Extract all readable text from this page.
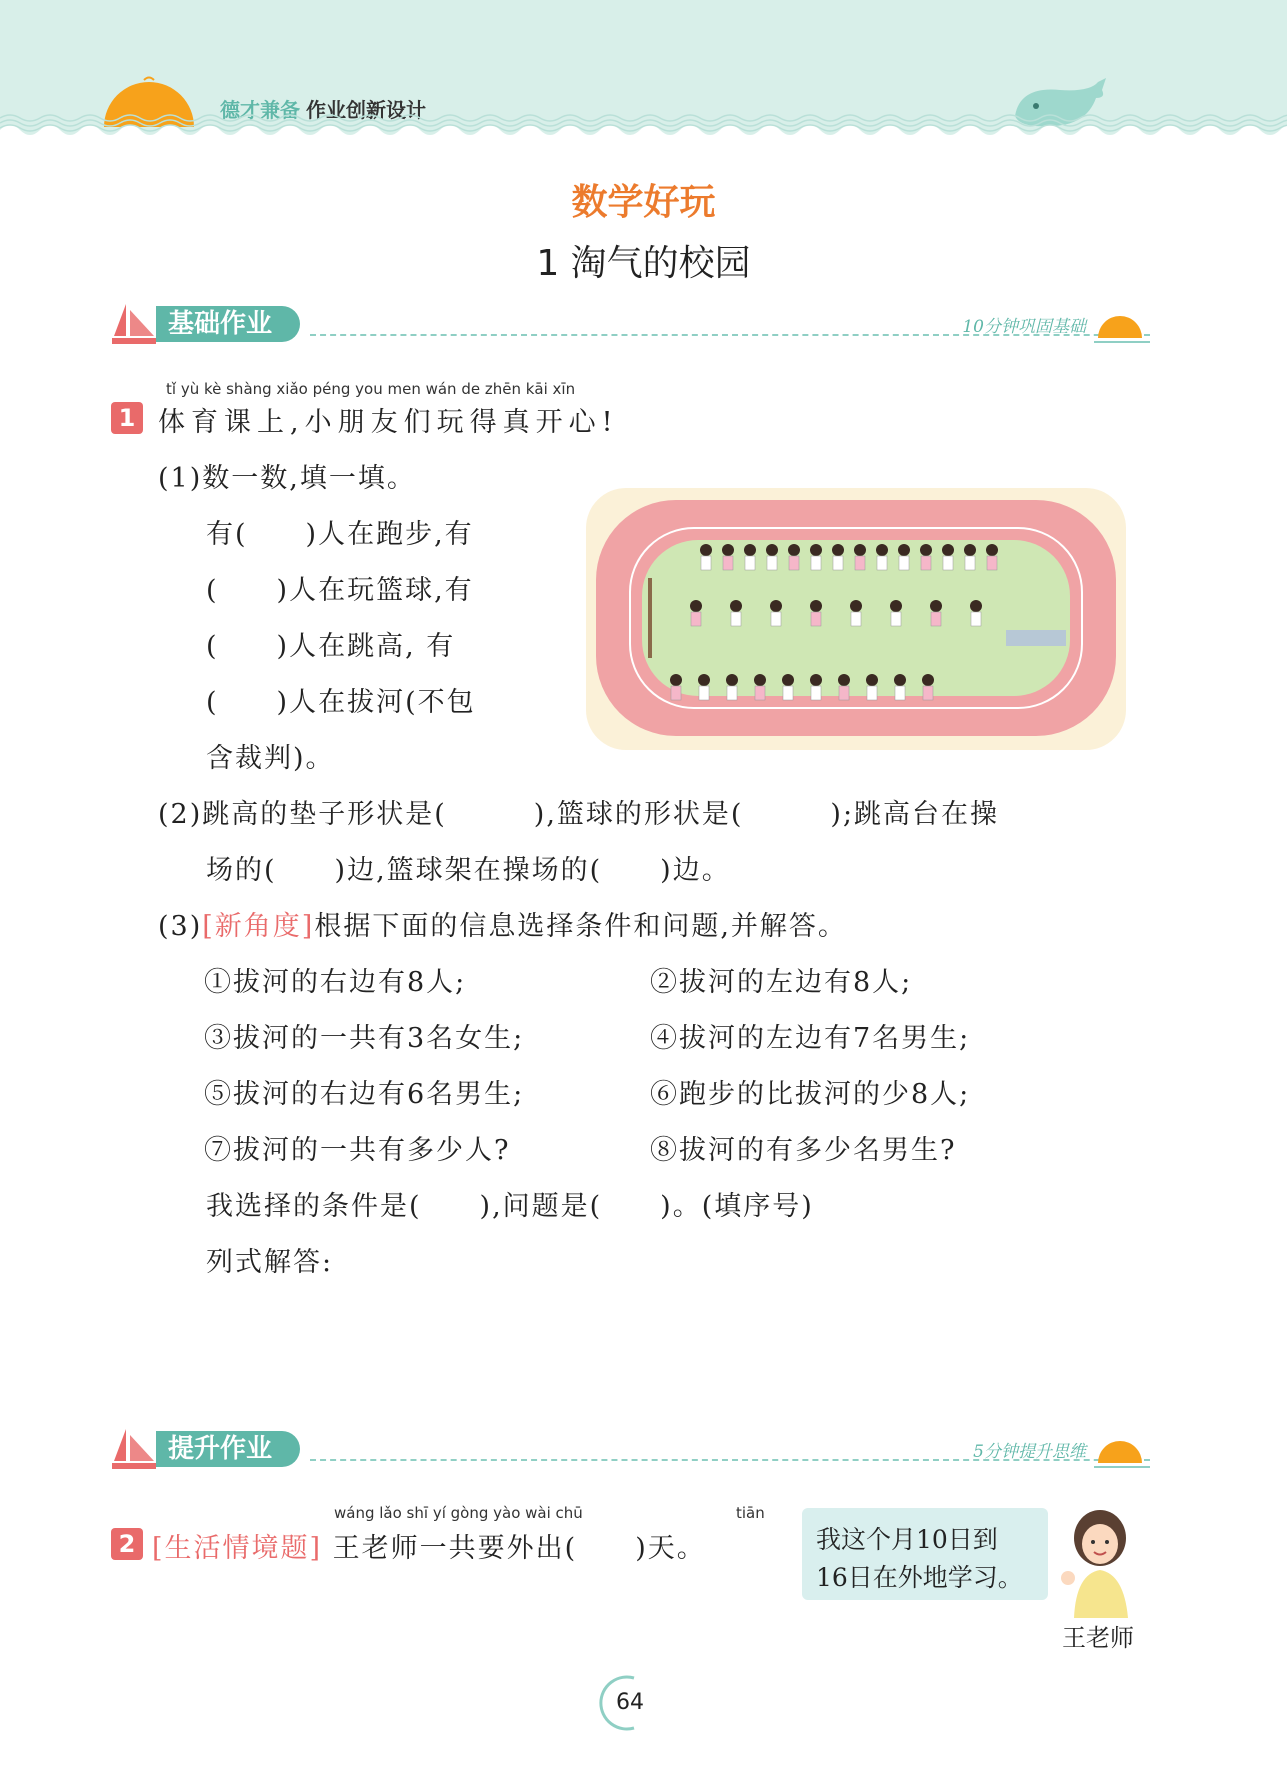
德才兼备 作业创新设计
数学好玩
1 淘气的校园
基础作业	10分钟巩固基础
tǐ yù kè shàng xiǎo péng you men wán de zhēn kāi xīn
1 体育课上,小朋友们玩得真开心!
(1)数一数,填一填。
有(　　)人在跑步,有
(　　)人在玩篮球,有
(　　)人在跳高, 有
(　　)人在拔河(不包
含裁判)。
(2)跳高的垫子形状是(　　　),篮球的形状是(　　　);跳高台在操
场的(　　)边,篮球架在操场的(　　)边。
(3)[新角度]根据下面的信息选择条件和问题,并解答。
①拔河的右边有8人;	②拔河的左边有8人;
③拔河的一共有3名女生;	④拔河的左边有7名男生;
⑤拔河的右边有6名男生;	⑥跑步的比拔河的少8人;
⑦拔河的一共有多少人?	⑧拔河的有多少名男生?
我选择的条件是(　　),问题是(　　)。(填序号)
列式解答:
提升作业	5分钟提升思维
wáng lǎo shī yí gòng yào wài chū	tiān
2 [生活情境题] 王老师一共要外出(　　)天。	我这个月10日到
16日在外地学习。
王老师
64
